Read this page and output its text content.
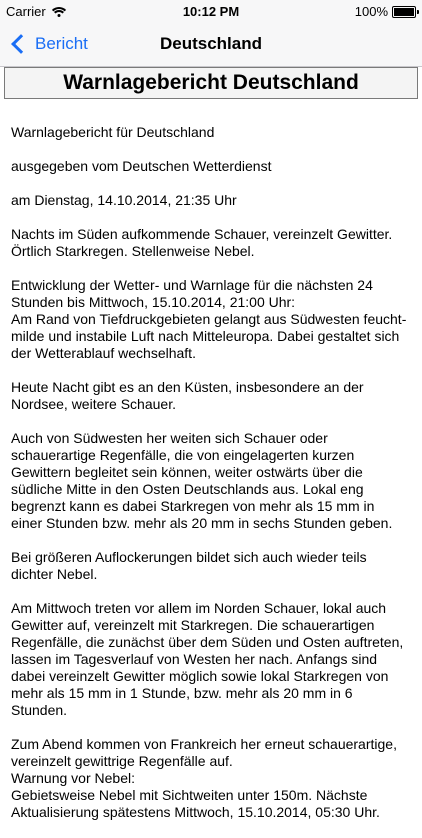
Carrier	10:12 PM	100%
Bericht	Deutschland
Warnlagebericht Deutschland

Warnlagebericht für Deutschland

ausgegeben vom Deutschen Wetterdienst

am Dienstag, 14.10.2014, 21:35 Uhr

Nachts im Süden aufkommende Schauer, vereinzelt Gewitter. Örtlich Starkregen. Stellenweise Nebel.

Entwicklung der Wetter- und Warnlage für die nächsten 24 Stunden bis Mittwoch, 15.10.2014, 21:00 Uhr:
Am Rand von Tiefdruckgebieten gelangt aus Südwesten feucht-milde und instabile Luft nach Mitteleuropa. Dabei gestaltet sich der Wetterablauf wechselhaft.

Heute Nacht gibt es an den Küsten, insbesondere an der Nordsee, weitere Schauer.

Auch von Südwesten her weiten sich Schauer oder schauerartige Regenfälle, die von eingelagerten kurzen Gewittern begleitet sein können, weiter ostwärts über die südliche Mitte in den Osten Deutschlands aus. Lokal eng begrenzt kann es dabei Starkregen von mehr als 15 mm in einer Stunden bzw. mehr als 20 mm in sechs Stunden geben.

Bei größeren Auflockerungen bildet sich auch wieder teils dichter Nebel.

Am Mittwoch treten vor allem im Norden Schauer, lokal auch Gewitter auf, vereinzelt mit Starkregen. Die schauerartigen Regenfälle, die zunächst über dem Süden und Osten auftreten, lassen im Tagesverlauf von Westen her nach. Anfangs sind dabei vereinzelt Gewitter möglich sowie lokal Starkregen von mehr als 15 mm in 1 Stunde, bzw. mehr als 20 mm in 6 Stunden.

Zum Abend kommen von Frankreich her erneut schauerartige, vereinzelt gewittrige Regenfälle auf.
Warnung vor Nebel:
Gebietsweise Nebel mit Sichtweiten unter 150m. Nächste Aktualisierung spätestens Mittwoch, 15.10.2014, 05:30 Uhr.
